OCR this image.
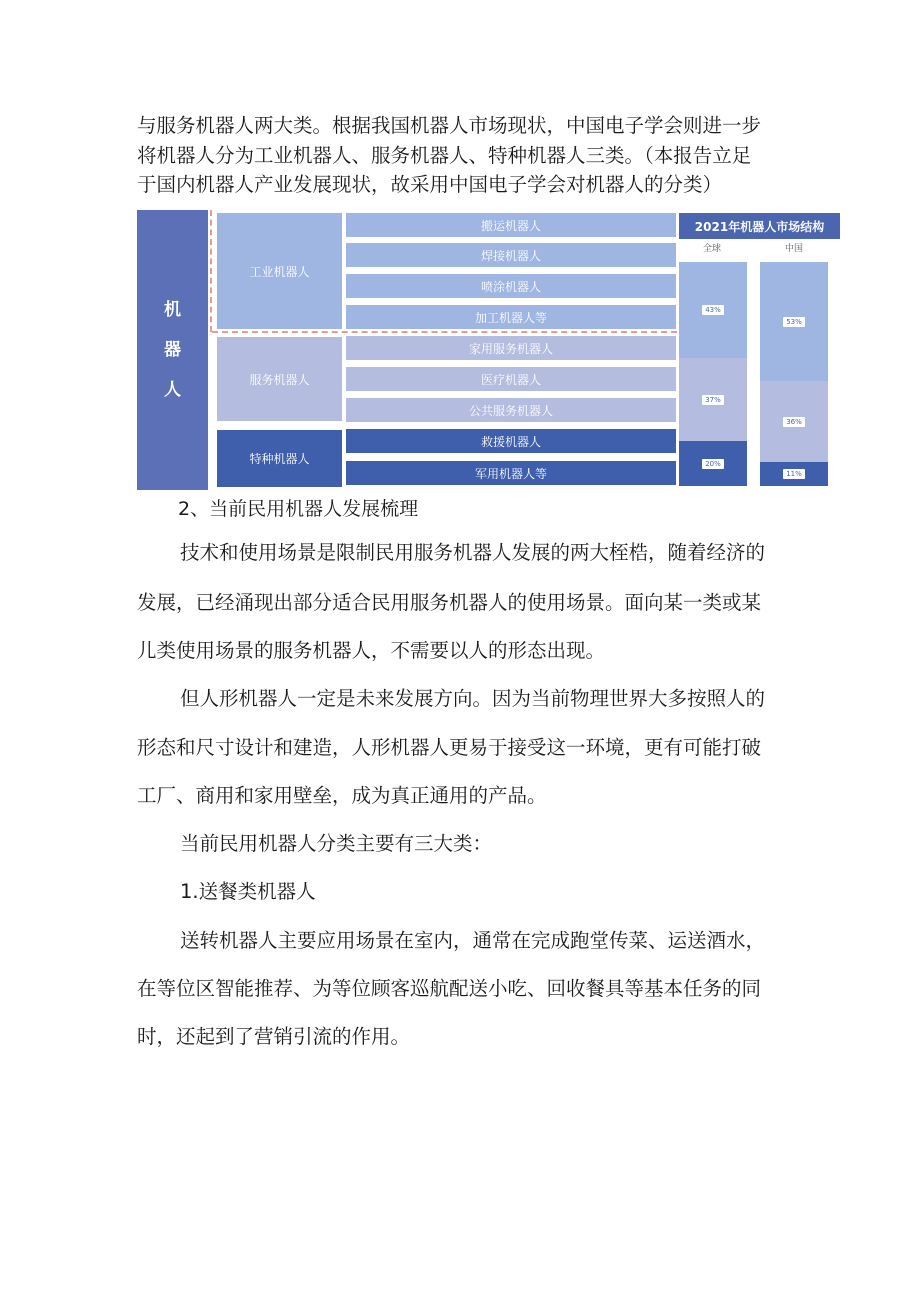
与服务机器人两大类。根据我国机器人市场现状，中国电子学会则进一步
将机器人分为工业机器人、服务机器人、特种机器人三类。（本报告立足
于国内机器人产业发展现状，故采用中国电子学会对机器人的分类）
机
器
人
工业机器人
服务机器人
特种机器人
搬运机器人
焊接机器人
喷涂机器人
加工机器人等
家用服务机器人
医疗机器人
公共服务机器人
救援机器人
军用机器人等
2021年机器人市场结构
全球	中国
43%
37%
20%
53%
36%
11%
2、当前民用机器人发展梳理
技术和使用场景是限制民用服务机器人发展的两大桎梏，随着经济的
发展，已经涌现出部分适合民用服务机器人的使用场景。面向某一类或某
儿类使用场景的服务机器人，不需要以人的形态出现。
但人形机器人一定是未来发展方向。因为当前物理世界大多按照人的
形态和尺寸设计和建造，人形机器人更易于接受这一环境，更有可能打破
工厂、商用和家用壁垒，成为真正通用的产品。
当前民用机器人分类主要有三大类：
1.送餐类机器人
送转机器人主要应用场景在室内，通常在完成跑堂传菜、运送酒水，
在等位区智能推荐、为等位顾客巡航配送小吃、回收餐具等基本任务的同
时，还起到了营销引流的作用。
